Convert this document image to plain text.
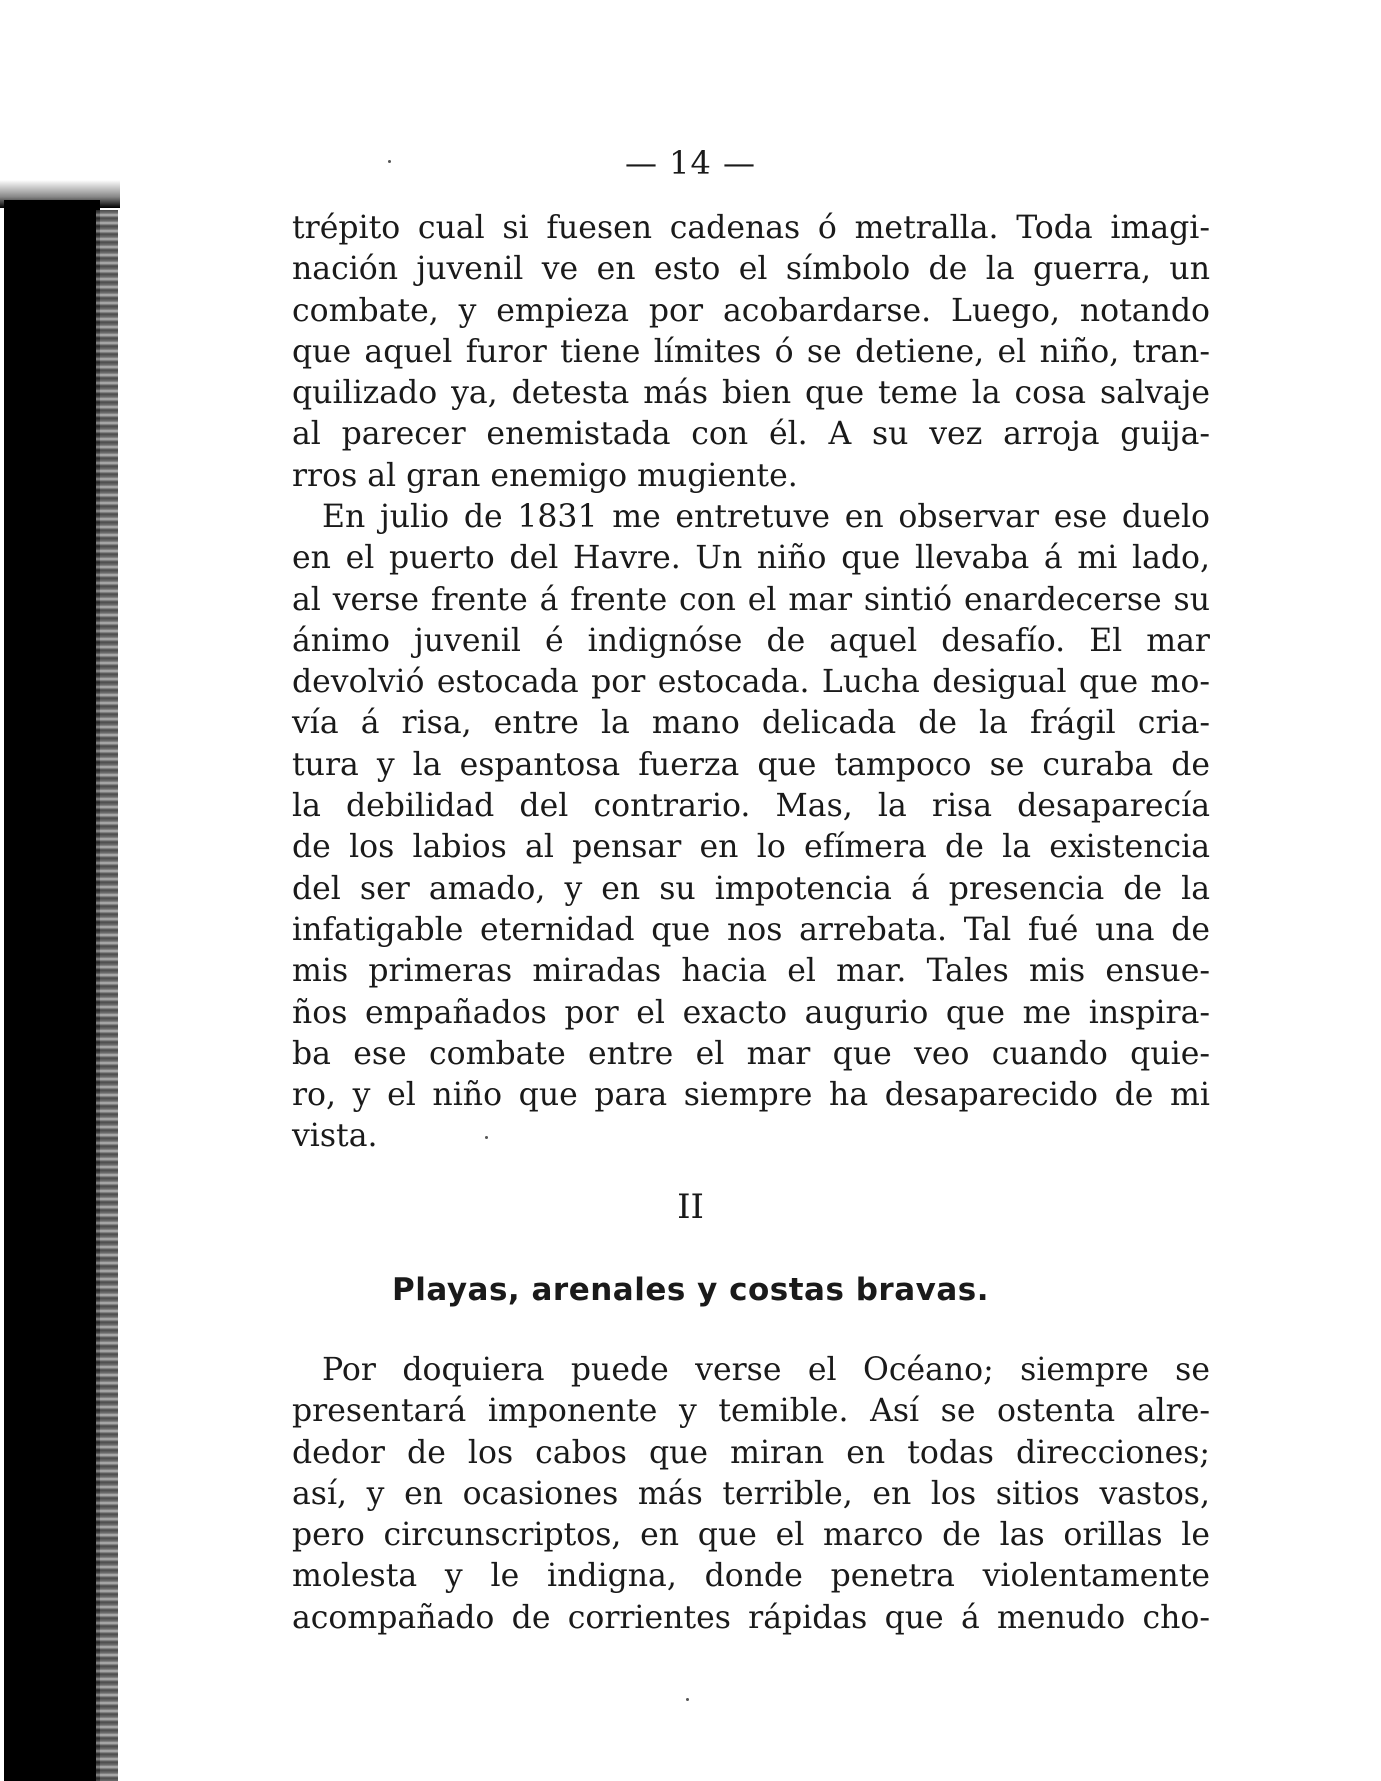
— 14 —
trépito cual si fuesen cadenas ó metralla. Toda imagi-
nación juvenil ve en esto el símbolo de la guerra, un
combate, y empieza por acobardarse. Luego, notando
que aquel furor tiene límites ó se detiene, el niño, tran-
quilizado ya, detesta más bien que teme la cosa salvaje
al parecer enemistada con él. A su vez arroja guija-
rros al gran enemigo mugiente.
En julio de 1831 me entretuve en observar ese duelo
en el puerto del Havre. Un niño que llevaba á mi lado,
al verse frente á frente con el mar sintió enardecerse su
ánimo juvenil é indignóse de aquel desafío. El mar
devolvió estocada por estocada. Lucha desigual que mo-
vía á risa, entre la mano delicada de la frágil cria-
tura y la espantosa fuerza que tampoco se curaba de
la debilidad del contrario. Mas, la risa desaparecía
de los labios al pensar en lo efímera de la existencia
del ser amado, y en su impotencia á presencia de la
infatigable eternidad que nos arrebata. Tal fué una de
mis primeras miradas hacia el mar. Tales mis ensue-
ños empañados por el exacto augurio que me inspira-
ba ese combate entre el mar que veo cuando quie-
ro, y el niño que para siempre ha desaparecido de mi
vista.
II
Playas, arenales y costas bravas.
Por doquiera puede verse el Océano; siempre se
presentará imponente y temible. Así se ostenta alre-
dedor de los cabos que miran en todas direcciones;
así, y en ocasiones más terrible, en los sitios vastos,
pero circunscriptos, en que el marco de las orillas le
molesta y le indigna, donde penetra violentamente
acompañado de corrientes rápidas que á menudo cho-
